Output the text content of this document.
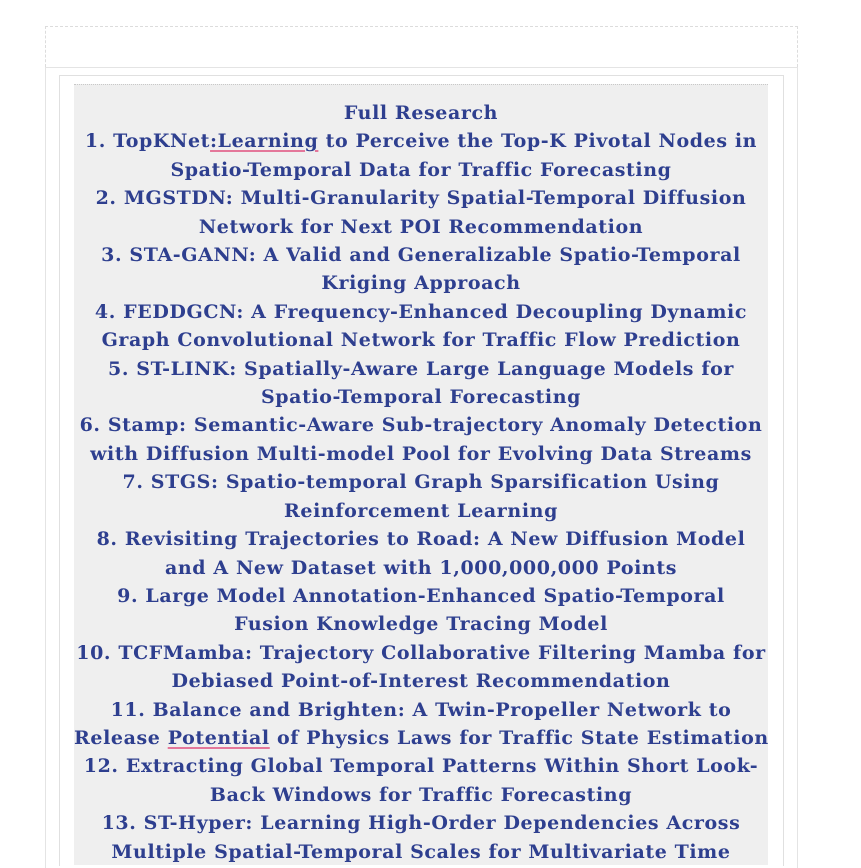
Full Research

1. TopKNet:Learning to Perceive the Top-K Pivotal Nodes in
Spatio-Temporal Data for Traffic Forecasting

2. MGSTDN: Multi-Granularity Spatial-Temporal Diffusion
Network for Next POI Recommendation

3. STA-GANN: A Valid and Generalizable Spatio-Temporal
Kriging Approach

4. FEDDGCN: A Frequency-Enhanced Decoupling Dynamic
Graph Convolutional Network for Traffic Flow Prediction

5. ST-LINK: Spatially-Aware Large Language Models for
Spatio-Temporal Forecasting

6. Stamp: Semantic-Aware Sub-trajectory Anomaly Detection
with Diffusion Multi-model Pool for Evolving Data Streams

7. STGS: Spatio-temporal Graph Sparsification Using
Reinforcement Learning

8. Revisiting Trajectories to Road: A New Diffusion Model
and A New Dataset with 1,000,000,000 Points

9. Large Model Annotation-Enhanced Spatio-Temporal
Fusion Knowledge Tracing Model

10. TCFMamba: Trajectory Collaborative Filtering Mamba for
Debiased Point-of-Interest Recommendation

11. Balance and Brighten: A Twin-Propeller Network to
Release Potential of Physics Laws for Traffic State Estimation

12. Extracting Global Temporal Patterns Within Short Look-
Back Windows for Traffic Forecasting

13. ST-Hyper: Learning High-Order Dependencies Across
Multiple Spatial-Temporal Scales for Multivariate Time
